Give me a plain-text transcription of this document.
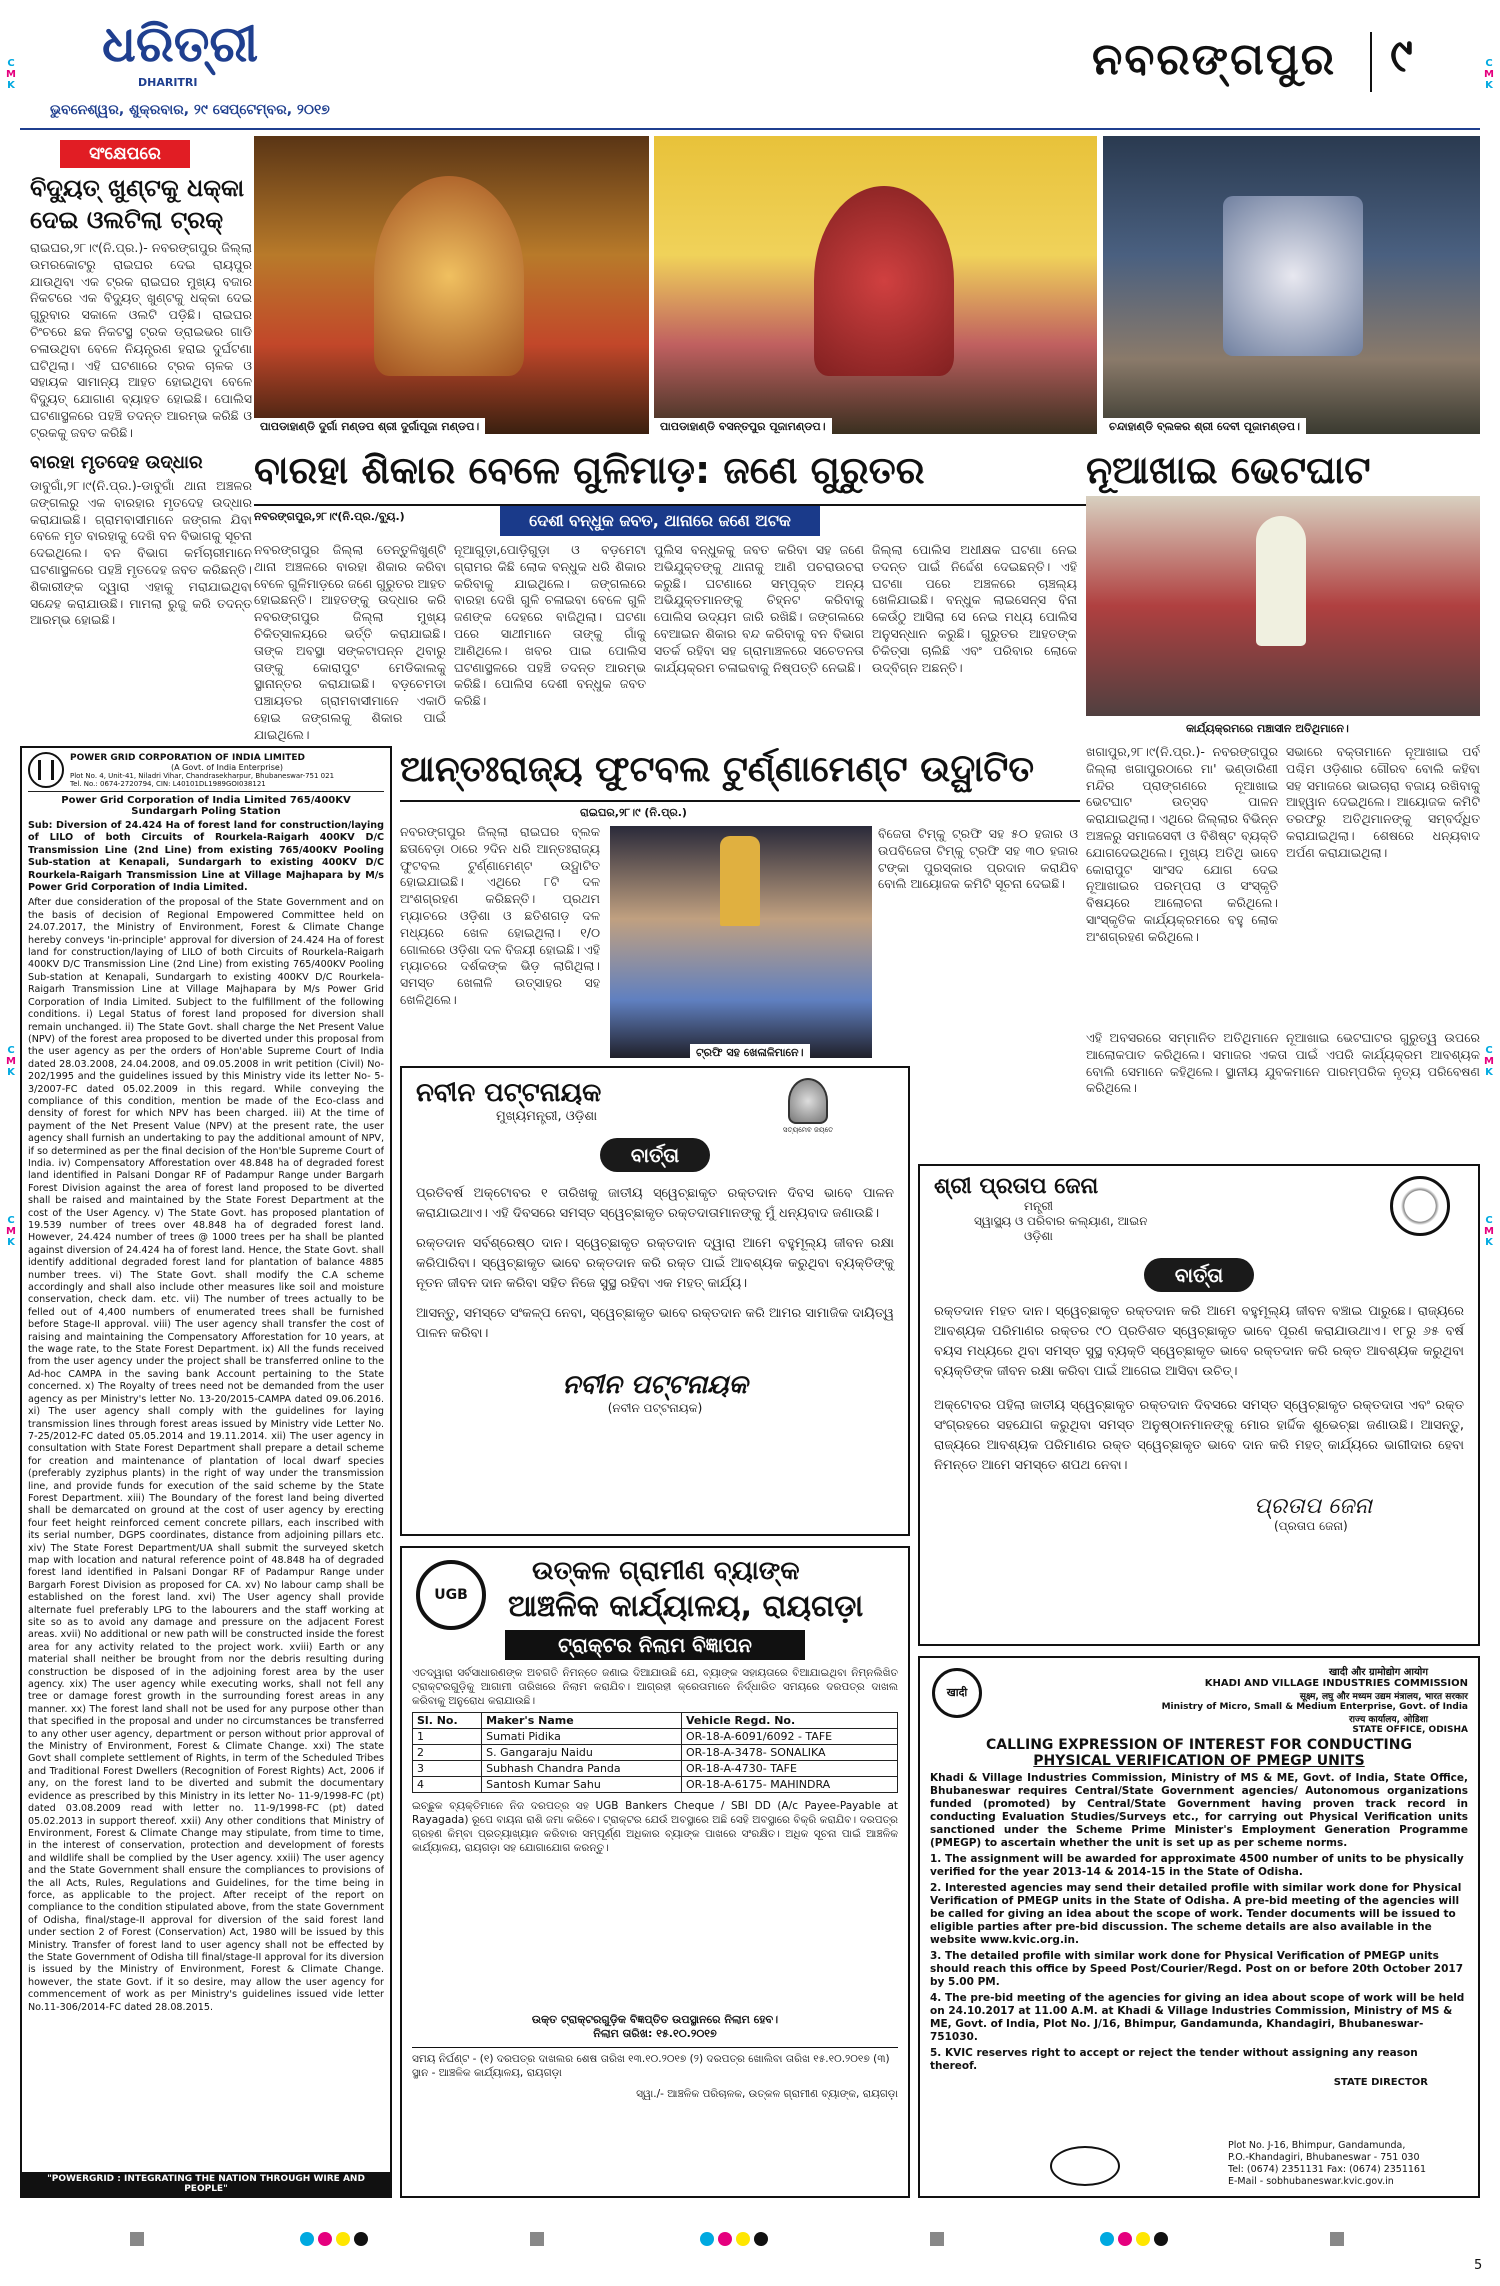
C
M
K
C
M
K
C
M
K
C
M
K
C
M
K
C
M
K
ଧରିତ୍ରୀ
DHARITRI
ଭୁବନେଶ୍ୱର, ଶୁକ୍ରବାର, ୨୯ ସେପ୍ଟେମ୍ବର, ୨୦୧୭
ନବରଙ୍ଗପୁର ୯
ସଂକ୍ଷେପରେ
ବିଦ୍ୟୁତ୍ ଖୁଣ୍ଟକୁ ଧକ୍କା ଦେଇ ଓଲଟିଲା ଟ୍ରକ୍
ରାଇଘର,୨୮।୯(ନି.ପ୍ର.)- ନବରଙ୍ଗପୁର ଜିଲ୍ଲା ଉମରକୋଟରୁ ରାଇଘର ଦେଇ ରାୟପୁର ଯାଉଥିବା ଏକ ଟ୍ରକ ରାଇଘର ମୁଖ୍ୟ ବଜାର ନିକଟରେ ଏକ ବିଦ୍ୟୁତ୍ ଖୁଣ୍ଟକୁ ଧକ୍କା ଦେଇ ଗୁରୁବାର ସକାଳେ ଓଲଟି ପଡ଼ିଛି। ରାଇଘର ଚିଂଚରେ ଛକ ନିକଟସ୍ଥ ଟ୍ରକ ଡ୍ରାଇଭର ଗାଡି ଚଳାଉଥିବା ବେଳେ ନିୟନ୍ତ୍ରଣ ହରାଇ ଦୁର୍ଘଟଣା ଘଟିଥିଲା। ଏହି ଘଟଣାରେ ଟ୍ରକ ଚାଳକ ଓ ସହାୟକ ସାମାନ୍ୟ ଆହତ ହୋଇଥିବା ବେଳେ ବିଦ୍ୟୁତ୍ ଯୋଗାଣ ବ୍ୟାହତ ହୋଇଛି। ପୋଲିସ ଘଟଣାସ୍ଥଳରେ ପହଞ୍ଚି ତଦନ୍ତ ଆରମ୍ଭ କରିଛି ଓ ଟ୍ରକକୁ ଜବତ କରିଛି।
ବାରହା ମୃତଦେହ ଉଦ୍ଧାର
ଡାବୁଗାଁ,୨୮।୯(ନି.ପ୍ର.)-ଡାବୁଗାଁ ଥାନା ଅଞ୍ଚଳର ଜଙ୍ଗଲରୁ ଏକ ବାରହାର ମୃତଦେହ ଉଦ୍ଧାର କରାଯାଇଛି। ଗ୍ରାମବାସୀମାନେ ଜଙ୍ଗଲ ଯିବା ବେଳେ ମୃତ ବାରହାକୁ ଦେଖି ବନ ବିଭାଗକୁ ସୂଚନା ଦେଇଥିଲେ। ବନ ବିଭାଗ କର୍ମଚାରୀମାନେ ଘଟଣାସ୍ଥଳରେ ପହଞ୍ଚି ମୃତଦେହ ଜବତ କରିଛନ୍ତି। ଶିକାରୀଙ୍କ ଦ୍ୱାରା ଏହାକୁ ମରାଯାଇଥିବା ସନ୍ଦେହ କରାଯାଉଛି। ମାମଲା ରୁଜୁ କରି ତଦନ୍ତ ଆରମ୍ଭ ହୋଇଛି।
ପାପଡାହାଣ୍ଡି ଦୁର୍ଗା ମଣ୍ଡପ ଶ୍ରୀ ଦୁର୍ଗାପୂଜା ମଣ୍ଡପ।	ପାପଡାହାଣ୍ଡି ବସନ୍ତପୁର ପୂଜାମଣ୍ଡପ।	ଚନ୍ଦାହାଣ୍ଡି ବ୍ଲକର ଶ୍ରୀ ଦେବୀ ପୂଜାମଣ୍ଡପ।
ବାରହା ଶିକାର ବେଳେ ଗୁଳିମାଡ଼: ଜଣେ ଗୁରୁତର
ନବରଙ୍ଗପୁର,୨୮।୯(ନି.ପ୍ର./ବ୍ୟୁ.)	ଦେଶୀ ବନ୍ଧୁକ ଜବତ, ଥାନାରେ ଜଣେ ଅଟକ
ନବରଙ୍ଗପୁର ଜିଲ୍ଲା ତେନ୍ତୁଳିଖୁଣ୍ଟି ଥାନା ଅଞ୍ଚଳରେ ବାରହା ଶିକାର କରିବା ବେଳେ ଗୁଳିମାଡ଼ରେ ଜଣେ ଗୁରୁତର ଆହତ ହୋଇଛନ୍ତି। ଆହତଙ୍କୁ ଉଦ୍ଧାର କରି ନବରଙ୍ଗପୁର ଜିଲ୍ଲା ମୁଖ୍ୟ ଚିକିତ୍ସାଳୟରେ ଭର୍ତ୍ତି କରାଯାଇଛି। ତାଙ୍କ ଅବସ୍ଥା ସଙ୍କଟାପନ୍ନ ଥିବାରୁ ତାଙ୍କୁ କୋରାପୁଟ ମେଡିକାଲକୁ ସ୍ଥାନାନ୍ତର କରାଯାଇଛି। ବଡ଼ଚେମଡା ପଞ୍ଚାୟତର ଗ୍ରାମବାସୀମାନେ ଏକାଠି ହୋଇ ଜଙ୍ଗଲକୁ ଶିକାର ପାଇଁ ଯାଇଥିଲେ।
ନୂଆଗୁଡ଼ା,ପୋଡ଼ିଗୁଡ଼ା ଓ ବଡ଼ମେଟା ଗ୍ରାମର କିଛି ଲୋକ ବନ୍ଧୁକ ଧରି ଶିକାର କରିବାକୁ ଯାଇଥିଲେ। ଜଙ୍ଗଲରେ ବାରହା ଦେଖି ଗୁଳି ଚଳାଇବା ବେଳେ ଗୁଳି ଜଣଙ୍କ ଦେହରେ ବାଜିଥିଲା। ଘଟଣା ପରେ ସାଥୀମାନେ ତାଙ୍କୁ ଗାଁକୁ ଆଣିଥିଲେ। ଖବର ପାଇ ପୋଲିସ ଘଟଣାସ୍ଥଳରେ ପହଞ୍ଚି ତଦନ୍ତ ଆରମ୍ଭ କରିଛି। ପୋଲିସ ଦେଶୀ ବନ୍ଧୁକ ଜବତ କରିଛି।
ପୁଲିସ ବନ୍ଧୁକକୁ ଜବତ କରିବା ସହ ଜଣେ ଅଭିଯୁକ୍ତଙ୍କୁ ଥାନାକୁ ଆଣି ପଚରାଉଚରା କରୁଛି। ଘଟଣାରେ ସମ୍ପୃକ୍ତ ଅନ୍ୟ ଅଭିଯୁକ୍ତମାନଙ୍କୁ ଚିହ୍ନଟ କରିବାକୁ ପୋଲିସ ଉଦ୍ୟମ ଜାରି ରଖିଛି। ଜଙ୍ଗଲରେ ବେଆଇନ ଶିକାର ବନ୍ଦ କରିବାକୁ ବନ ବିଭାଗ ସତର୍କ ରହିବା ସହ ଗ୍ରାମାଞ୍ଚଳରେ ସଚେତନତା କାର୍ଯ୍ୟକ୍ରମ ଚଳାଇବାକୁ ନିଷ୍ପତ୍ତି ନେଇଛି।
ଜିଲ୍ଲା ପୋଲିସ ଅଧୀକ୍ଷକ ଘଟଣା ନେଇ ତଦନ୍ତ ପାଇଁ ନିର୍ଦ୍ଦେଶ ଦେଇଛନ୍ତି। ଏହି ଘଟଣା ପରେ ଅଞ୍ଚଳରେ ଚାଞ୍ଚଲ୍ୟ ଖେଳିଯାଇଛି। ବନ୍ଧୁକ ଲାଇସେନ୍ସ ବିନା କେଉଁଠୁ ଆସିଲା ସେ ନେଇ ମଧ୍ୟ ପୋଲିସ ଅନୁସନ୍ଧାନ କରୁଛି। ଗୁରୁତର ଆହତଙ୍କ ଚିକିତ୍ସା ଚାଲିଛି ଏବଂ ପରିବାର ଲୋକେ ଉଦ୍ବିଗ୍ନ ଅଛନ୍ତି।
ନୂଆଖାଇ ଭେଟଘାଟ
କାର୍ଯ୍ୟକ୍ରମରେ ମଞ୍ଚାସୀନ ଅତିଥିମାନେ।
ଖଗାପୁର,୨୮।୯(ନି.ପ୍ର.)- ନବରଙ୍ଗପୁର ଜିଲ୍ଲା ଖଗାପୁରଠାରେ ମା' ଭଣ୍ଡାରିଣୀ ମନ୍ଦିର ପ୍ରାଙ୍ଗଣରେ ନୂଆଖାଇ ଭେଟଘାଟ ଉତ୍ସବ ପାଳନ କରାଯାଇଥିଲା। ଏଥିରେ ଜିଲ୍ଲାର ବିଭିନ୍ନ ଅଞ୍ଚଳରୁ ସମାଜସେବୀ ଓ ବିଶିଷ୍ଟ ବ୍ୟକ୍ତି ଯୋଗଦେଇଥିଲେ। ମୁଖ୍ୟ ଅତିଥି ଭାବେ କୋରାପୁଟ ସାଂସଦ ଯୋଗ ଦେଇ ନୂଆଖାଇର ପରମ୍ପରା ଓ ସଂସ୍କୃତି ବିଷୟରେ ଆଲୋଚନା କରିଥିଲେ। ସାଂସ୍କୃତିକ କାର୍ଯ୍ୟକ୍ରମରେ ବହୁ ଲୋକ ଅଂଶଗ୍ରହଣ କରିଥିଲେ।
ସଭାରେ ବକ୍ତାମାନେ ନୂଆଖାଇ ପର୍ବ ପଶ୍ଚିମ ଓଡ଼ିଶାର ଗୌରବ ବୋଲି କହିବା ସହ ସମାଜରେ ଭାଇଚାରା ବଜାୟ ରଖିବାକୁ ଆହ୍ୱାନ ଦେଇଥିଲେ। ଆୟୋଜକ କମିଟି ତରଫରୁ ଅତିଥିମାନଙ୍କୁ ସମ୍ବର୍ଦ୍ଧିତ କରାଯାଇଥିଲା। ଶେଷରେ ଧନ୍ୟବାଦ ଅର୍ପଣ କରାଯାଇଥିଲା।
POWER GRID CORPORATION OF INDIA LIMITED
(A Govt. of India Enterprise)
Plot No. 4, Unit-41, Niladri Vihar, Chandrasekharpur, Bhubaneswar-751 021
Tel. No.: 0674-2720794, CIN: L40101DL1989GOI038121
Power Grid Corporation of India Limited 765/400KV Sundargarh Poling Station
Sub: Diversion of 24.424 Ha of forest land for construction/laying of LILO of both Circuits of Rourkela-Raigarh 400KV D/C Transmission Line (2nd Line) from existing 765/400KV Pooling Sub-station at Kenapali, Sundargarh to existing 400KV D/C Rourkela-Raigarh Transmission Line at Village Majhapara by M/s Power Grid Corporation of India Limited.
After due consideration of the proposal of the State Government and on the basis of decision of Regional Empowered Committee held on 24.07.2017, the Ministry of Environment, Forest & Climate Change hereby conveys 'in-principle' approval for diversion of 24.424 Ha of forest land for construction/laying of LILO of both Circuits of Rourkela-Raigarh 400KV D/C Transmission Line (2nd Line) from existing 765/400KV Pooling Sub-station at Kenapali, Sundargarh to existing 400KV D/C Rourkela-Raigarh Transmission Line at Village Majhapara by M/s Power Grid Corporation of India Limited. Subject to the fulfillment of the following conditions. i) Legal Status of forest land proposed for diversion shall remain unchanged. ii) The State Govt. shall charge the Net Present Value (NPV) of the forest area proposed to be diverted under this proposal from the user agency as per the orders of Hon'able Supreme Court of India dated 28.03.2008, 24.04.2008, and 09.05.2008 in writ petition (Civil) No- 202/1995 and the guidelines issued by this Ministry vide its letter No- 5-3/2007-FC dated 05.02.2009 in this regard. While conveying the compliance of this condition, mention be made of the Eco-class and density of forest for which NPV has been charged. iii) At the time of payment of the Net Present Value (NPV) at the present rate, the user agency shall furnish an undertaking to pay the additional amount of NPV, if so determined as per the final decision of the Hon'ble Supreme Court of India. iv) Compensatory Afforestation over 48.848 ha of degraded forest land identified in Palsani Dongar RF of Padampur Range under Bargarh Forest Division against the area of forest land proposed to be diverted shall be raised and maintained by the State Forest Department at the cost of the User Agency. v) The State Govt. has proposed plantation of 19.539 number of trees over 48.848 ha of degraded forest land. However, 24.424 number of trees @ 1000 trees per ha shall be planted against diversion of 24.424 ha of forest land. Hence, the State Govt. shall identify additional degraded forest land for plantation of balance 4885 number trees. vi) The State Govt. shall modify the C.A scheme accordingly and shall also include other measures like soil and moisture conservation, check dam. etc. vii) The number of trees actually to be felled out of 4,400 numbers of enumerated trees shall be furnished before Stage-II approval. viii) The user agency shall transfer the cost of raising and maintaining the Compensatory Afforestation for 10 years, at the wage rate, to the State Forest Department. ix) All the funds received from the user agency under the project shall be transferred online to the Ad-hoc CAMPA in the saving bank Account pertaining to the State concerned. x) The Royalty of trees need not be demanded from the user agency as per Ministry's letter No. 13-20/2015-CAMPA dated 09.06.2016. xi) The user agency shall comply with the guidelines for laying transmission lines through forest areas issued by Ministry vide Letter No. 7-25/2012-FC dated 05.05.2014 and 19.11.2014. xii) The user agency in consultation with State Forest Department shall prepare a detail scheme for creation and maintenance of plantation of local dwarf species (preferably zyziphus plants) in the right of way under the transmission line, and provide funds for execution of the said scheme by the State Forest Department. xiii) The Boundary of the forest land being diverted shall be demarcated on ground at the cost of user agency by erecting four feet height reinforced cement concrete pillars, each inscribed with its serial number, DGPS coordinates, distance from adjoining pillars etc. xiv) The State Forest Department/UA shall submit the surveyed sketch map with location and natural reference point of 48.848 ha of degraded forest land identified in Palsani Dongar RF of Padampur Range under Bargarh Forest Division as proposed for CA. xv) No labour camp shall be established on the forest land. xvi) The User agency shall provide alternate fuel preferably LPG to the labourers and the staff working at site so as to avoid any damage and pressure on the adjacent Forest areas. xvii) No additional or new path will be constructed inside the forest area for any activity related to the project work. xviii) Earth or any material shall neither be brought from nor the debris resulting during construction be disposed of in the adjoining forest area by the user agency. xix) The user agency while executing works, shall not fell any tree or damage forest growth in the surrounding forest areas in any manner. xx) The forest land shall not be used for any purpose other than that specified in the proposal and under no circumstances be transferred to any other user agency, department or person without prior approval of the Ministry of Environment, Forest & Climate Change. xxi) The state Govt shall complete settlement of Rights, in term of the Scheduled Tribes and Traditional Forest Dwellers (Recognition of Forest Rights) Act, 2006 if any, on the forest land to be diverted and submit the documentary evidence as prescribed by this Ministry in its letter No- 11-9/1998-FC (pt) dated 03.08.2009 read with letter no. 11-9/1998-FC (pt) dated 05.02.2013 in support thereof. xxii) Any other conditions that Ministry of Environment, Forest & Climate Change may stipulate, from time to time, in the interest of conservation, protection and development of forests and wildlife shall be complied by the User agency. xxiii) The user agency and the State Government shall ensure the compliances to provisions of the all Acts, Rules, Regulations and Guidelines, for the time being in force, as applicable to the project. After receipt of the report on compliance to the condition stipulated above, from the state Government of Odisha, final/stage-II approval for diversion of the said forest land under section 2 of Forest (Conservation) Act, 1980 will be issued by this Ministry. Transfer of forest land to user agency shall not be effected by the State Government of Odisha till final/stage-II approval for its diversion is issued by the Ministry of Environment, Forest & Climate Change. however, the state Govt. if it so desire, may allow the user agency for commencement of work as per Ministry's guidelines issued vide letter No.11-306/2014-FC dated 28.08.2015.
"POWERGRID : INTEGRATING THE NATION THROUGH WIRE AND PEOPLE"
ଆନ୍ତଃରାଜ୍ୟ ଫୁଟବଲ ଟୁର୍ଣ୍ଣାମେଣ୍ଟ ଉଦ୍ଘାଟିତ
ରାଇଘର,୨୮।୯ (ନି.ପ୍ର.)
ନବରଙ୍ଗପୁର ଜିଲ୍ଲା ରାଇଘର ବ୍ଲକ ଛତାବେଡ଼ା ଠାରେ ୨ଦିନ ଧରି ଆନ୍ତଃରାଜ୍ୟ ଫୁଟବଲ ଟୁର୍ଣ୍ଣାମେଣ୍ଟ ଉଦ୍ଘାଟିତ ହୋଇଯାଇଛି। ଏଥିରେ ୮ଟି ଦଳ ଅଂଶଗ୍ରହଣ କରିଛନ୍ତି। ପ୍ରଥମ ମ୍ୟାଚରେ ଓଡ଼ିଶା ଓ ଛତିଶଗଡ଼ ଦଳ ମଧ୍ୟରେ ଖେଳ ହୋଇଥିଲା। ୧/୦ ଗୋଲରେ ଓଡ଼ିଶା ଦଳ ବିଜୟୀ ହୋଇଛି। ଏହି ମ୍ୟାଚରେ ଦର୍ଶକଙ୍କ ଭିଡ଼ ଲାଗିଥିଲା। ସମସ୍ତ ଖେଳାଳି ଉତ୍ସାହର ସହ ଖେଳିଥିଲେ।
ଟ୍ରଫି ସହ ଖେଳାଳିମାନେ।
ବିଜେତା ଟିମ୍‌କୁ ଟ୍ରଫି ସହ ୫୦ ହଜାର ଓ ଉପବିଜେତା ଟିମ୍‌କୁ ଟ୍ରଫି ସହ ୩୦ ହଜାର ଟଙ୍କା ପୁରସ୍କାର ପ୍ରଦାନ କରାଯିବ ବୋଲି ଆୟୋଜକ କମିଟି ସୂଚନା ଦେଇଛି।
ଏହି ଅବସରରେ ସମ୍ମାନିତ ଅତିଥିମାନେ ନୂଆଖାଇ ଭେଟଘାଟର ଗୁରୁତ୍ୱ ଉପରେ ଆଲୋକପାତ କରିଥିଲେ। ସମାଜର ଏକତା ପାଇଁ ଏପରି କାର୍ଯ୍ୟକ୍ରମ ଆବଶ୍ୟକ ବୋଲି ସେମାନେ କହିଥିଲେ। ସ୍ଥାନୀୟ ଯୁବକମାନେ ପାରମ୍ପରିକ ନୃତ୍ୟ ପରିବେଷଣ କରିଥିଲେ।
ନବୀନ ପଟ୍ଟନାୟକ
ମୁଖ୍ୟମନ୍ତ୍ରୀ, ଓଡ଼ିଶା
ସତ୍ୟମେବ ଜୟତେ
ବାର୍ତ୍ତା
ପ୍ରତିବର୍ଷ ଅକ୍ଟୋବର ୧ ତାରିଖକୁ ଜାତୀୟ ସ୍ୱେଚ୍ଛାକୃତ ରକ୍ତଦାନ ଦିବସ ଭାବେ ପାଳନ କରାଯାଇଥାଏ। ଏହି ଦିବସରେ ସମସ୍ତ ସ୍ୱେଚ୍ଛାକୃତ ରକ୍ତଦାତାମାନଙ୍କୁ ମୁଁ ଧନ୍ୟବାଦ ଜଣାଉଛି।
ରକ୍ତଦାନ ସର୍ବଶ୍ରେଷ୍ଠ ଦାନ। ସ୍ୱେଚ୍ଛାକୃତ ରକ୍ତଦାନ ଦ୍ୱାରା ଆମେ ବହୁମୂଲ୍ୟ ଜୀବନ ରକ୍ଷା କରିପାରିବା। ସ୍ୱେଚ୍ଛାକୃତ ଭାବେ ରକ୍ତଦାନ କରି ରକ୍ତ ପାଇଁ ଆବଶ୍ୟକ କରୁଥିବା ବ୍ୟକ୍ତିଙ୍କୁ ନୂତନ ଜୀବନ ଦାନ କରିବା ସହିତ ନିଜେ ସୁସ୍ଥ ରହିବା ଏକ ମହତ୍ କାର୍ଯ୍ୟ।
ଆସନ୍ତୁ, ସମସ୍ତେ ସଂକଳ୍ପ ନେବା, ସ୍ୱେଚ୍ଛାକୃତ ଭାବେ ରକ୍ତଦାନ କରି ଆମର ସାମାଜିକ ଦାୟିତ୍ୱ ପାଳନ କରିବା।
ନବୀନ ପଟ୍ଟନାୟକ
(ନବୀନ ପଟ୍ଟନାୟକ)
ଶ୍ରୀ ପ୍ରତାପ ଜେନା
ମନ୍ତ୍ରୀ
ସ୍ୱାସ୍ଥ୍ୟ ଓ ପରିବାର କଲ୍ୟାଣ, ଆଇନ
ଓଡ଼ିଶା
ବାର୍ତ୍ତା
ରକ୍ତଦାନ ମହତ ଦାନ। ସ୍ୱେଚ୍ଛାକୃତ ରକ୍ତଦାନ କରି ଆମେ ବହୁମୂଲ୍ୟ ଜୀବନ ବଞ୍ଚାଇ ପାରୁଛେ। ରାଜ୍ୟରେ ଆବଶ୍ୟକ ପରିମାଣର ରକ୍ତର ୯୦ ପ୍ରତିଶତ ସ୍ୱେଚ୍ଛାକୃତ ଭାବେ ପୂରଣ କରାଯାଉଥାଏ। ୧୮ରୁ ୬୫ ବର୍ଷ ବୟସ ମଧ୍ୟରେ ଥିବା ସମସ୍ତ ସୁସ୍ଥ ବ୍ୟକ୍ତି ସ୍ୱେଚ୍ଛାକୃତ ଭାବେ ରକ୍ତଦାନ କରି ରକ୍ତ ଆବଶ୍ୟକ କରୁଥିବା ବ୍ୟକ୍ତିଙ୍କ ଜୀବନ ରକ୍ଷା କରିବା ପାଇଁ ଆଗେଇ ଆସିବା ଉଚିତ୍।
ଅକ୍ଟୋବର ପହିଲା ଜାତୀୟ ସ୍ୱେଚ୍ଛାକୃତ ରକ୍ତଦାନ ଦିବସରେ ସମସ୍ତ ସ୍ୱେଚ୍ଛାକୃତ ରକ୍ତଦାତା ଏବଂ ରକ୍ତ ସଂଗ୍ରହରେ ସହଯୋଗ କରୁଥିବା ସମସ୍ତ ଅନୁଷ୍ଠାନମାନଙ୍କୁ ମୋର ହାର୍ଦ୍ଦିକ ଶୁଭେଚ୍ଛା ଜଣାଉଛି। ଆସନ୍ତୁ, ରାଜ୍ୟରେ ଆବଶ୍ୟକ ପରିମାଣର ରକ୍ତ ସ୍ୱେଚ୍ଛାକୃତ ଭାବେ ଦାନ କରି ମହତ୍ କାର୍ଯ୍ୟରେ ଭାଗୀଦାର ହେବା ନିମନ୍ତେ ଆମେ ସମସ୍ତେ ଶପଥ ନେବା।
ପ୍ରତାପ ଜେନା
(ପ୍ରତାପ ଜେନା)
UGB
ଉତ୍କଳ ଗ୍ରାମୀଣ ବ୍ୟାଙ୍କ
ଆଞ୍ଚଳିକ କାର୍ଯ୍ୟାଳୟ, ରାୟଗଡ଼ା
ଟ୍ରାକ୍ଟର ନିଲାମ ବିଜ୍ଞାପନ
ଏତଦ୍ୱାରା ସର୍ବସାଧାରଣଙ୍କ ଅବଗତି ନିମନ୍ତେ ଜଣାଇ ଦିଆଯାଉଛି ଯେ, ବ୍ୟାଙ୍କ ସହାୟତାରେ ବିଆଯାଇଥିବା ନିମ୍ନଲିଖିତ ଟ୍ରାକ୍ଟରଗୁଡ଼ିକୁ ଆଗାମୀ ତାରିଖରେ ନିଲାମ କରାଯିବ। ଆଗ୍ରହୀ କ୍ରେତାମାନେ ନିର୍ଦ୍ଧାରିତ ସମୟରେ ଦରପତ୍ର ଦାଖଲ କରିବାକୁ ଅନୁରୋଧ କରାଯାଉଛି।
Sl. No.	Maker's Name	Vehicle Regd. No.
1	Sumati Pidika	OR-18-A-6091/6092 - TAFE
2	S. Gangaraju Naidu	OR-18-A-3478- SONALIKA
3	Subhash Chandra Panda	OR-18-A-4730- TAFE
4	Santosh Kumar Sahu	OR-18-A-6175- MAHINDRA
ଇଚ୍ଛୁକ ବ୍ୟକ୍ତିମାନେ ନିଜ ଦରପତ୍ର ସହ UGB Bankers Cheque / SBI DD (A/c Payee-Payable at Rayagada) ରୂପେ ବାୟନା ରାଶି ଜମା କରିବେ। ଟ୍ରାକ୍ଟର ଯେଉଁ ଅବସ୍ଥାରେ ଅଛି ସେହି ଅବସ୍ଥାରେ ବିକ୍ରି କରାଯିବ। ଦରପତ୍ର ଗ୍ରହଣ କିମ୍ବା ପ୍ରତ୍ୟାଖ୍ୟାନ କରିବାର ସମ୍ପୂର୍ଣ୍ଣ ଅଧିକାର ବ୍ୟାଙ୍କ ପାଖରେ ସଂରକ୍ଷିତ। ଅଧିକ ସୂଚନା ପାଇଁ ଆଞ୍ଚଳିକ କାର୍ଯ୍ୟାଳୟ, ରାୟଗଡ଼ା ସହ ଯୋଗାଯୋଗ କରନ୍ତୁ।
ଉକ୍ତ ଟ୍ରାକ୍ଟରଗୁଡ଼ିକ ବିଜ୍ଞପ୍ତିତ ଉପସ୍ଥାନରେ ନିଲାମ ହେବ।
ନିଲାମ ତାରିଖ: ୧୫.୧୦.୨୦୧୭
ସମୟ ନିର୍ଘଣ୍ଟ - (୧) ଦରପତ୍ର ଦାଖଲର ଶେଷ ତାରିଖ ୧୩.୧୦.୨୦୧୭ (୨) ଦରପତ୍ର ଖୋଲିବା ତାରିଖ ୧୫.୧୦.୨୦୧୭ (୩) ସ୍ଥାନ - ଆଞ୍ଚଳିକ କାର୍ଯ୍ୟାଳୟ, ରାୟଗଡ଼ା
ସ୍ୱା./- ଆଞ୍ଚଳିକ ପରିଚାଳକ, ଉତ୍କଳ ଗ୍ରାମୀଣ ବ୍ୟାଙ୍କ, ରାୟଗଡ଼ା
खादी
खादी और ग्रामोद्योग आयोग
KHADI AND VILLAGE INDUSTRIES COMMISSION
सूक्ष्म, लघु और मध्यम उद्यम मंत्रालय, भारत सरकार
Ministry of Micro, Small & Medium Enterprise, Govt. of India
राज्य कार्यालय, ओडिशा
STATE OFFICE, ODISHA
CALLING EXPRESSION OF INTEREST FOR CONDUCTING
PHYSICAL VERIFICATION OF PMEGP UNITS
Khadi & Village Industries Commission, Ministry of MS & ME, Govt. of India, State Office, Bhubaneswar requires Central/State Government agencies/ Autonomous organizations funded (promoted) by Central/State Government having proven track record in conducting Evaluation Studies/Surveys etc., for carrying out Physical Verification units sanctioned under the Scheme Prime Minister's Employment Generation Programme (PMEGP) to ascertain whether the unit is set up as per scheme norms.
1. The assignment will be awarded for approximate 4500 number of units to be physically verified for the year 2013-14 & 2014-15 in the State of Odisha.
2. Interested agencies may send their detailed profile with similar work done for Physical Verification of PMEGP units in the State of Odisha. A pre-bid meeting of the agencies will be called for giving an idea about the scope of work. Tender documents will be issued to eligible parties after pre-bid discussion. The scheme details are also available in the website www.kvic.org.in.
3. The detailed profile with similar work done for Physical Verification of PMEGP units should reach this office by Speed Post/Courier/Regd. Post on or before 20th October 2017 by 5.00 PM.
4. The pre-bid meeting of the agencies for giving an idea about scope of work will be held on 24.10.2017 at 11.00 A.M. at Khadi & Village Industries Commission, Ministry of MS & ME, Govt. of India, Plot No. J/16, Bhimpur, Gandamunda, Khandagiri, Bhubaneswar-751030.
5. KVIC reserves right to accept or reject the tender without assigning any reason thereof.
STATE DIRECTOR
Plot No. J-16, Bhimpur, Gandamunda,
P.O.-Khandagiri, Bhubaneswar - 751 030
Tel: (0674) 2351131 Fax: (0674) 2351161
E-Mail - sobhubaneswar.kvic.gov.in
5
